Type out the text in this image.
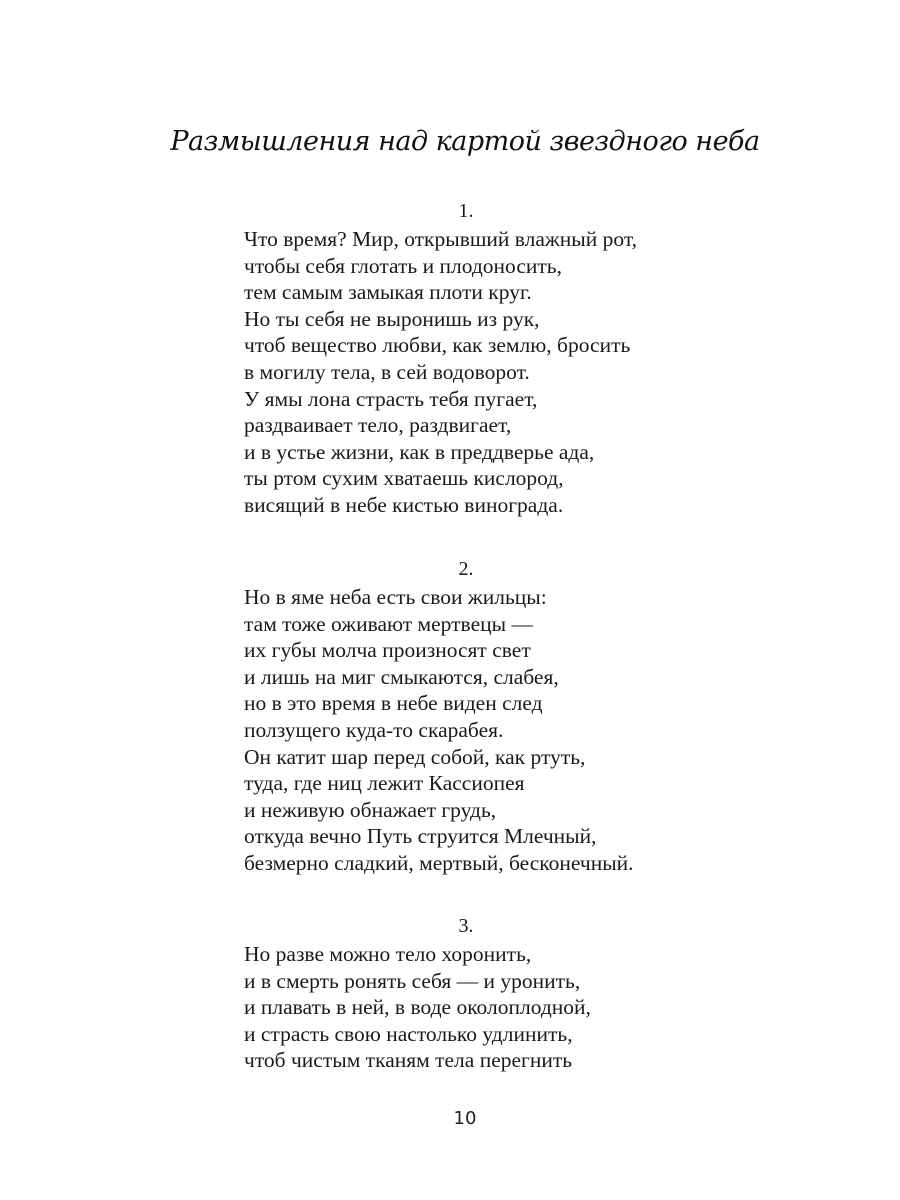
Размышления над картой звездного неба
1.
Что время? Мир, открывший влажный рот,
чтобы себя глотать и плодоносить,
тем самым замыкая плоти круг.
Но ты себя не выронишь из рук,
чтоб вещество любви, как землю, бросить
в могилу тела, в сей водоворот.
У ямы лона страсть тебя пугает,
раздваивает тело, раздвигает,
и в устье жизни, как в преддверье ада,
ты ртом сухим хватаешь кислород,
висящий в небе кистью винограда.
2.
Но в яме неба есть свои жильцы:
там тоже оживают мертвецы —
их губы молча произносят свет
и лишь на миг смыкаются, слабея,
но в это время в небе виден след
ползущего куда-то скарабея.
Он катит шар перед собой, как ртуть,
туда, где ниц лежит Кассиопея
и неживую обнажает грудь,
откуда вечно Путь струится Млечный,
безмерно сладкий, мертвый, бесконечный.
3.
Но разве можно тело хоронить,
и в смерть ронять себя — и уронить,
и плавать в ней, в воде околоплодной,
и страсть свою настолько удлинить,
чтоб чистым тканям тела перегнить
10
